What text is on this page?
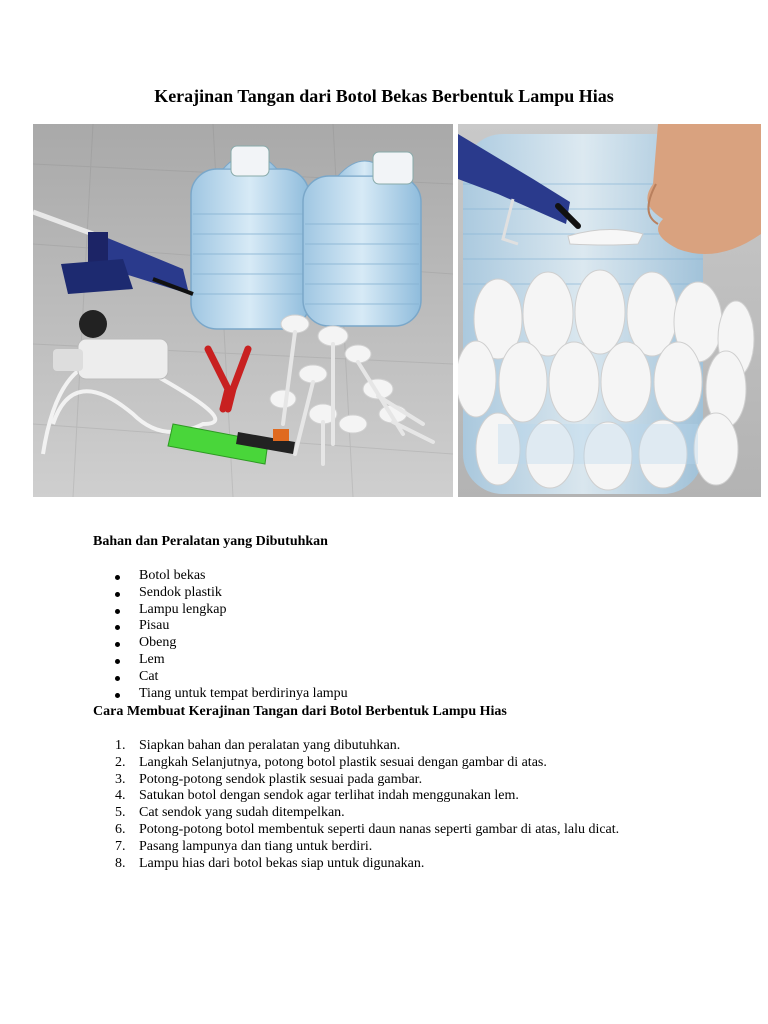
Kerajinan Tangan dari Botol Bekas Berbentuk Lampu Hias
Bahan dan Peralatan yang Dibutuhkan
Botol bekas
Sendok plastik
Lampu lengkap
Pisau
Obeng
Lem
Cat
Tiang untuk tempat berdirinya lampu
Cara Membuat Kerajinan Tangan dari Botol Berbentuk Lampu Hias
1. Siapkan bahan dan peralatan yang dibutuhkan.
2. Langkah Selanjutnya, potong botol plastik sesuai dengan gambar di atas.
3. Potong-potong sendok plastik sesuai pada gambar.
4. Satukan botol dengan sendok agar terlihat indah menggunakan lem.
5. Cat sendok yang sudah ditempelkan.
6. Potong-potong botol membentuk seperti daun nanas seperti gambar di atas, lalu dicat.
7. Pasang lampunya dan tiang untuk berdiri.
8. Lampu hias dari botol bekas siap untuk digunakan.
